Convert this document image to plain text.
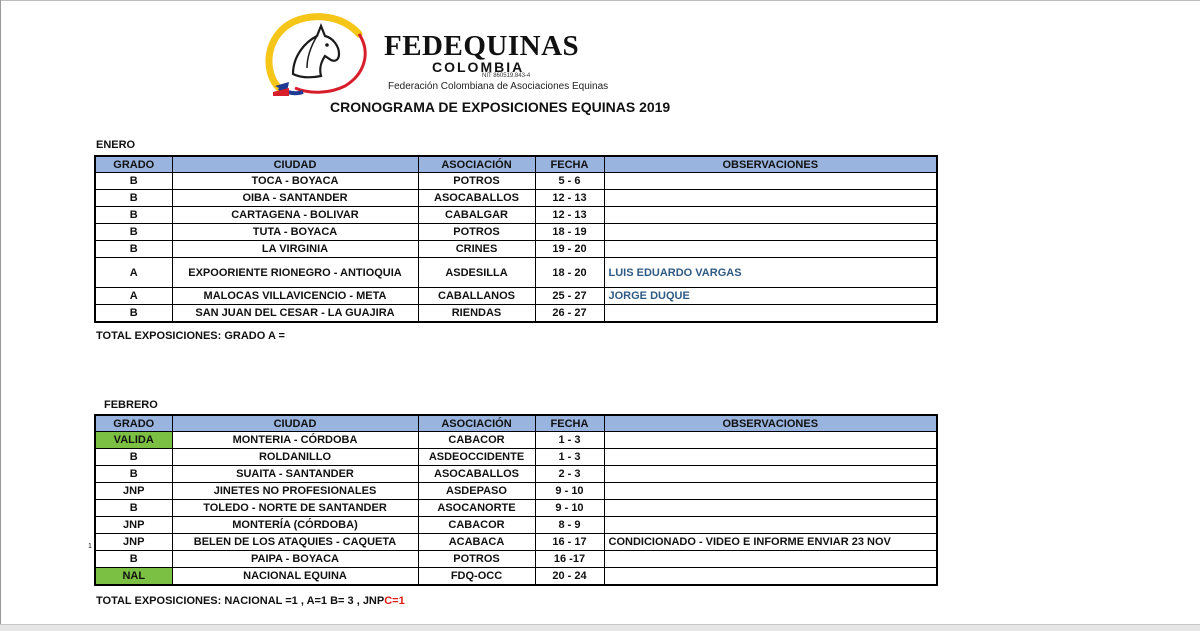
FEDEQUINAS
COLOMBIA
NIT 860519.843-4
Federación Colombiana de Asociaciones Equinas
CRONOGRAMA DE EXPOSICIONES EQUINAS 2019
ENERO
GRADO	CIUDAD	ASOCIACIÓN	FECHA	OBSERVACIONES
B	TOCA - BOYACA	POTROS	5 - 6	
B	OIBA - SANTANDER	ASOCABALLOS	12 - 13	
B	CARTAGENA - BOLIVAR	CABALGAR	12 - 13	
B	TUTA - BOYACA	POTROS	18 - 19	
B	LA VIRGINIA	CRINES	19 - 20	
A	EXPOORIENTE RIONEGRO - ANTIOQUIA	ASDESILLA	18 - 20	LUIS EDUARDO VARGAS
A	MALOCAS VILLAVICENCIO - META	CABALLANOS	25 - 27	JORGE DUQUE
B	SAN JUAN DEL CESAR - LA GUAJIRA	RIENDAS	26 - 27	
TOTAL EXPOSICIONES: GRADO A =
FEBRERO
GRADO	CIUDAD	ASOCIACIÓN	FECHA	OBSERVACIONES
VALIDA	MONTERIA - CÓRDOBA	CABACOR	1 - 3	
B	ROLDANILLO	ASDEOCCIDENTE	1 - 3	
B	SUAITA - SANTANDER	ASOCABALLOS	2 - 3	
JNP	JINETES NO PROFESIONALES	ASDEPASO	9 - 10	
B	TOLEDO - NORTE DE SANTANDER	ASOCANORTE	9 - 10	
JNP	MONTERÍA (CÓRDOBA)	CABACOR	8 - 9	
JNP	BELEN DE LOS ATAQUIES - CAQUETA	ACABACA	16 - 17	CONDICIONADO - VIDEO E INFORME ENVIAR 23 NOV
B	PAIPA - BOYACA	POTROS	16 -17	
NAL	NACIONAL EQUINA	FDQ-OCC	20 - 24	
1
TOTAL EXPOSICIONES: NACIONAL =1 , A=1 B= 3 , JNPC=1
